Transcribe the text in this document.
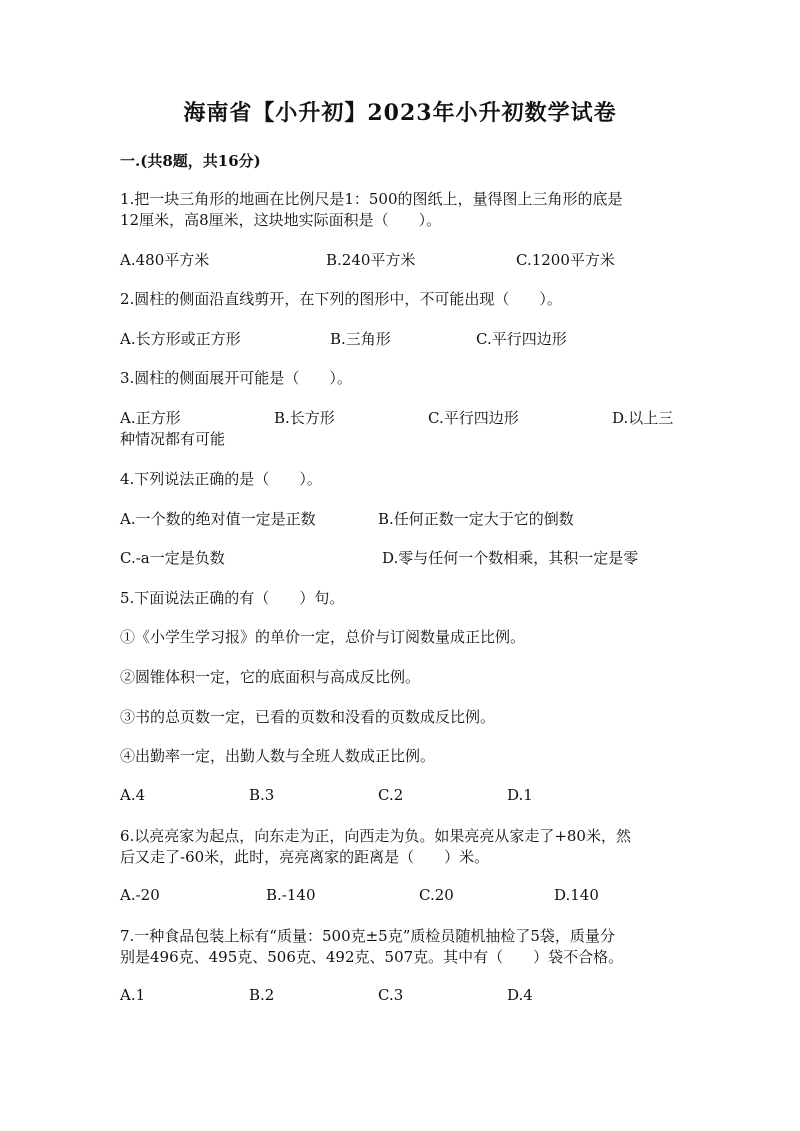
海南省【小升初】2023年小升初数学试卷
一.(共8题，共16分)
1.把一块三角形的地画在比例尺是1：500的图纸上，量得图上三角形的底是
12厘米，高8厘米，这块地实际面积是（　　）。
A.480平方米	B.240平方米	C.1200平方米
2.圆柱的侧面沿直线剪开，在下列的图形中，不可能出现（　　）。
A.长方形或正方形	B.三角形	C.平行四边形
3.圆柱的侧面展开可能是（　　）。
A.正方形	B.长方形	C.平行四边形	D.以上三
种情况都有可能
4.下列说法正确的是（　　）。
A.一个数的绝对值一定是正数	B.任何正数一定大于它的倒数
C.-a一定是负数	D.零与任何一个数相乘，其积一定是零
5.下面说法正确的有（　　）句。
①《小学生学习报》的单价一定，总价与订阅数量成正比例。
②圆锥体积一定，它的底面积与高成反比例。
③书的总页数一定，已看的页数和没看的页数成反比例。
④出勤率一定，出勤人数与全班人数成正比例。
A.4	B.3	C.2	D.1
6.以亮亮家为起点，向东走为正，向西走为负。如果亮亮从家走了+80米，然
后又走了-60米，此时，亮亮离家的距离是（　　）米。
A.-20	B.-140	C.20	D.140
7.一种食品包装上标有“质量：500克±5克”质检员随机抽检了5袋，质量分
别是496克、495克、506克、492克、507克。其中有（　　）袋不合格。
A.1	B.2	C.3	D.4
